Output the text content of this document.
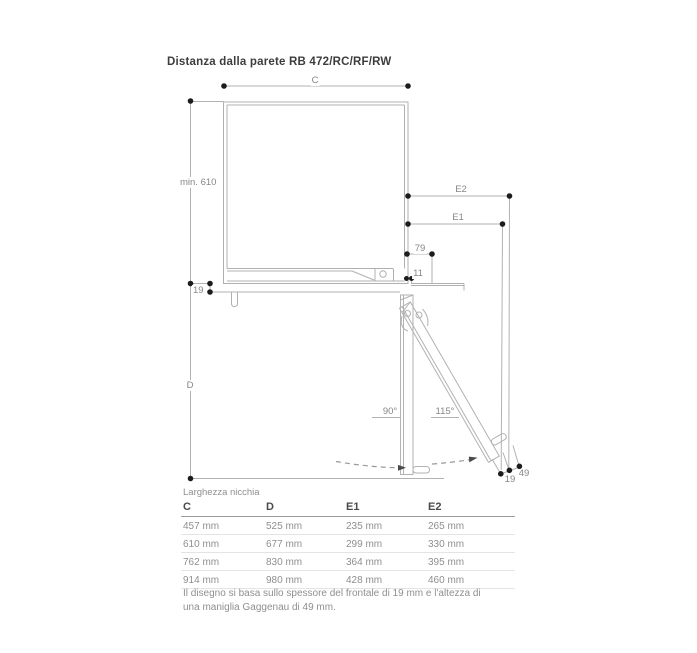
Distanza dalla parete RB 472/RC/RF/RW
C
min. 610
D
E2
E1
79
11
19
19
49
90°	115°
Larghezza nicchia
C	D	E1	E2
457 mm	525 mm	235 mm	265 mm
610 mm	677 mm	299 mm	330 mm
762 mm	830 mm	364 mm	395 mm
914 mm	980 mm	428 mm	460 mm
Il disegno si basa sullo spessore del frontale di 19 mm e l'altezza di una maniglia Gaggenau di 49 mm.
